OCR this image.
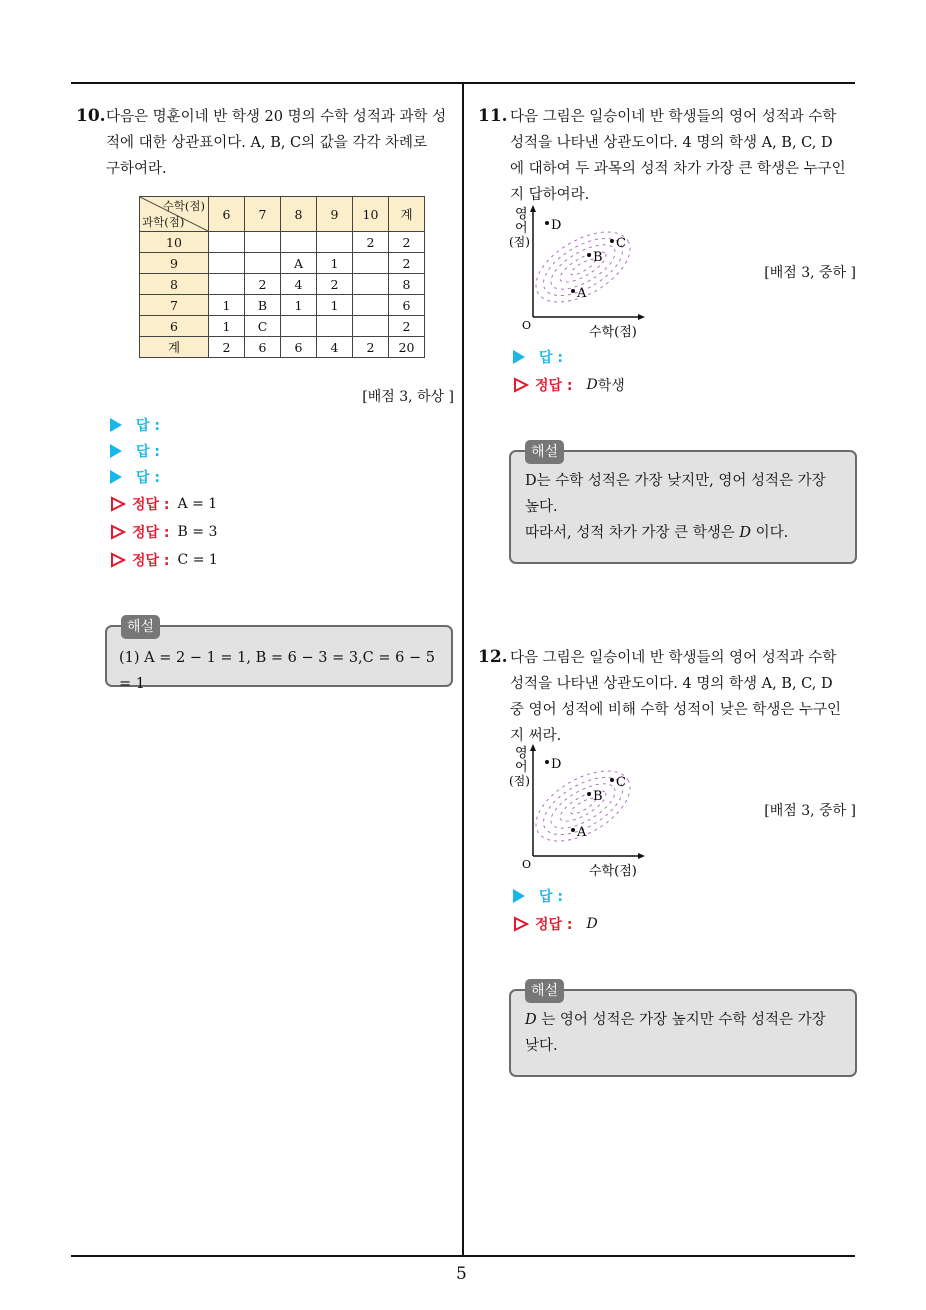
5
10. 다음은 명훈이네 반 학생 20 명의 수학 성적과 과학 성
적에 대한 상관표이다. A, B, C의 값을 각각 차례로
구하여라.
수학(점)
과학(점)	6	7	8	9	10	계
10					2	2
9			A	1		2
8		2	4	2		8
7	1	B	1	1		6
6	1	C				2
계	2	6	6	4	2	20
[배점 3, 하상 ]
답 :
답 :
답 :
정답 : A = 1
정답 : B = 3
정답 : C = 1
해설
(1) A = 2 − 1 = 1, B = 6 − 3 = 3,C = 6 − 5 = 1
11. 다음 그림은 일승이네 반 학생들의 영어 성적과 수학
성적을 나타낸 상관도이다. 4 명의 학생 A, B, C, D
에 대하여 두 과목의 성적 차가 가장 큰 학생은 누구인
지 답하여라.
영
어
(점)
O	수학(점)
D
B
C
A
[배점 3, 중하 ]
답 :
정답 : D 학생
해설
D는 수학 성적은 가장 낮지만, 영어 성적은 가장
높다.
따라서, 성적 차가 가장 큰 학생은 D 이다.
12. 다음 그림은 일승이네 반 학생들의 영어 성적과 수학
성적을 나타낸 상관도이다. 4 명의 학생 A, B, C, D
중 영어 성적에 비해 수학 성적이 낮은 학생은 누구인
지 써라.
영
어
(점)
O	수학(점)
D
B
C
A
[배점 3, 중하 ]
답 :
정답 : D
해설
D 는 영어 성적은 가장 높지만 수학 성적은 가장
낮다.
